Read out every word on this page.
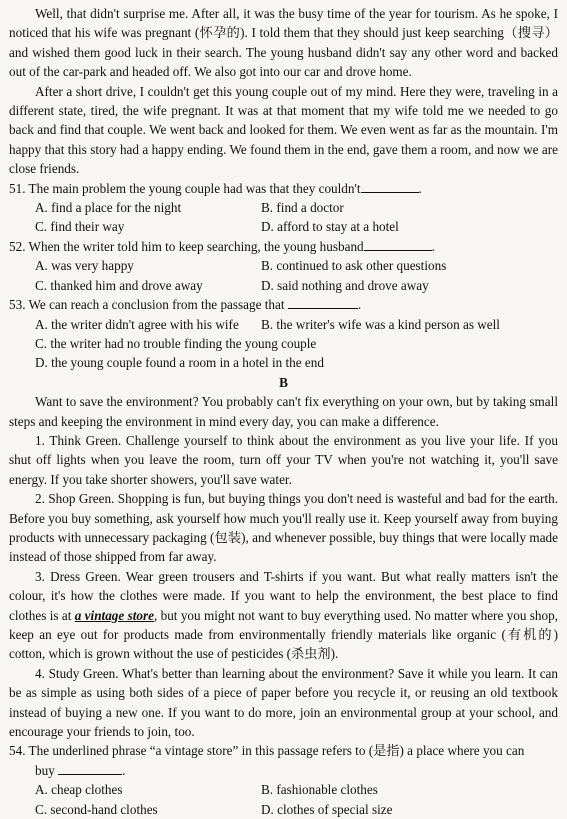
Well, that didn't surprise me. After all, it was the busy time of the year for tourism. As he spoke, I noticed that his wife was pregnant (怀孕的). I told them that they should just keep searching（搜寻）and wished them good luck in their search. The young husband didn't say any other word and backed out of the car-park and headed off. We also got into our car and drove home.

After a short drive, I couldn't get this young couple out of my mind. Here they were, traveling in a different state, tired, the wife pregnant. It was at that moment that my wife told me we needed to go back and find that couple. We went back and looked for them. We even went as far as the mountain. I'm happy that this story had a happy ending. We found them in the end, gave them a room, and now we are close friends.

51. The main problem the young couple had was that they couldn't	.

A. find a place for the night	B. find a doctor
C. find their way	D. afford to stay at a hotel

52. When the writer told him to keep searching, the young husband	.

A. was very happy	B. continued to ask other questions
C. thanked him and drove away	D. said nothing and drove away

53. We can reach a conclusion from the passage that	.

A. the writer didn't agree with his wife	B. the writer's wife was a kind person as well
C. the writer had no trouble finding the young couple
D. the young couple found a room in a hotel in the end

B

Want to save the environment? You probably can't fix everything on your own, but by taking small steps and keeping the environment in mind every day, you can make a difference.

1. Think Green. Challenge yourself to think about the environment as you live your life. If you shut off lights when you leave the room, turn off your TV when you're not watching it, you'll save energy. If you take shorter showers, you'll save water.

2. Shop Green. Shopping is fun, but buying things you don't need is wasteful and bad for the earth. Before you buy something, ask yourself how much you'll really use it. Keep yourself away from buying products with unnecessary packaging (包装), and whenever possible, buy things that were locally made instead of those shipped from far away.

3. Dress Green. Wear green trousers and T-shirts if you want. But what really matters isn't the colour, it's how the clothes were made. If you want to help the environment, the best place to find clothes is at a vintage store, but you might not want to buy everything used. No matter where you shop, keep an eye out for products made from environmentally friendly materials like organic (有机的) cotton, which is grown without the use of pesticides (杀虫剂).

4. Study Green. What's better than learning about the environment? Save it while you learn. It can be as simple as using both sides of a piece of paper before you recycle it, or reusing an old textbook instead of buying a new one. If you want to do more, join an environmental group at your school, and encourage your friends to join, too.

54. The underlined phrase “a vintage store” in this passage refers to (是指) a place where you can

buy	.

A. cheap clothes	B. fashionable clothes
C. second-hand clothes	D. clothes of special size
